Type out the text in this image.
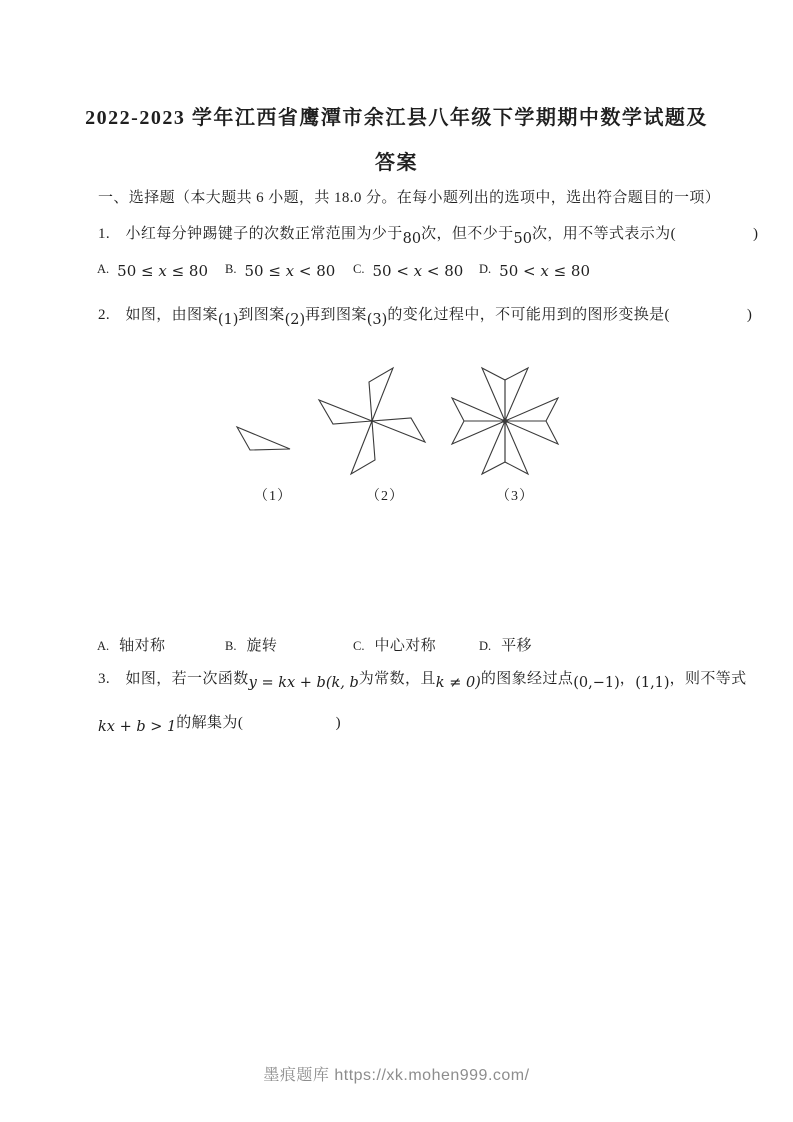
2022-2023 学年江西省鹰潭市余江县八年级下学期期中数学试题及
答案
一、选择题（本大题共 6 小题，共 18.0 分。在每小题列出的选项中，选出符合题目的一项）
1.　小红每分钟踢键子的次数正常范围为少于80次，但不少于50次，用不等式表示为(　　　　　)
A. 50 ≤ x ≤ 80 B. 50 ≤ x < 80 C. 50 < x < 80 D. 50 < x ≤ 80
2.　如图，由图案(1)到图案(2)再到图案(3)的变化过程中，不可能用到的图形变换是(　　　　　)
（1）	（2）	（3）
A. 轴对称	B. 旋转	C. 中心对称	D. 平移
3.　如图，若一次函数y = kx + b(k, b为常数，且k ≠ 0)的图象经过点(0,−1)，(1,1)，则不等式
kx + b > 1的解集为(　　　　　　)
墨痕题库 https://xk.mohen999.com/
